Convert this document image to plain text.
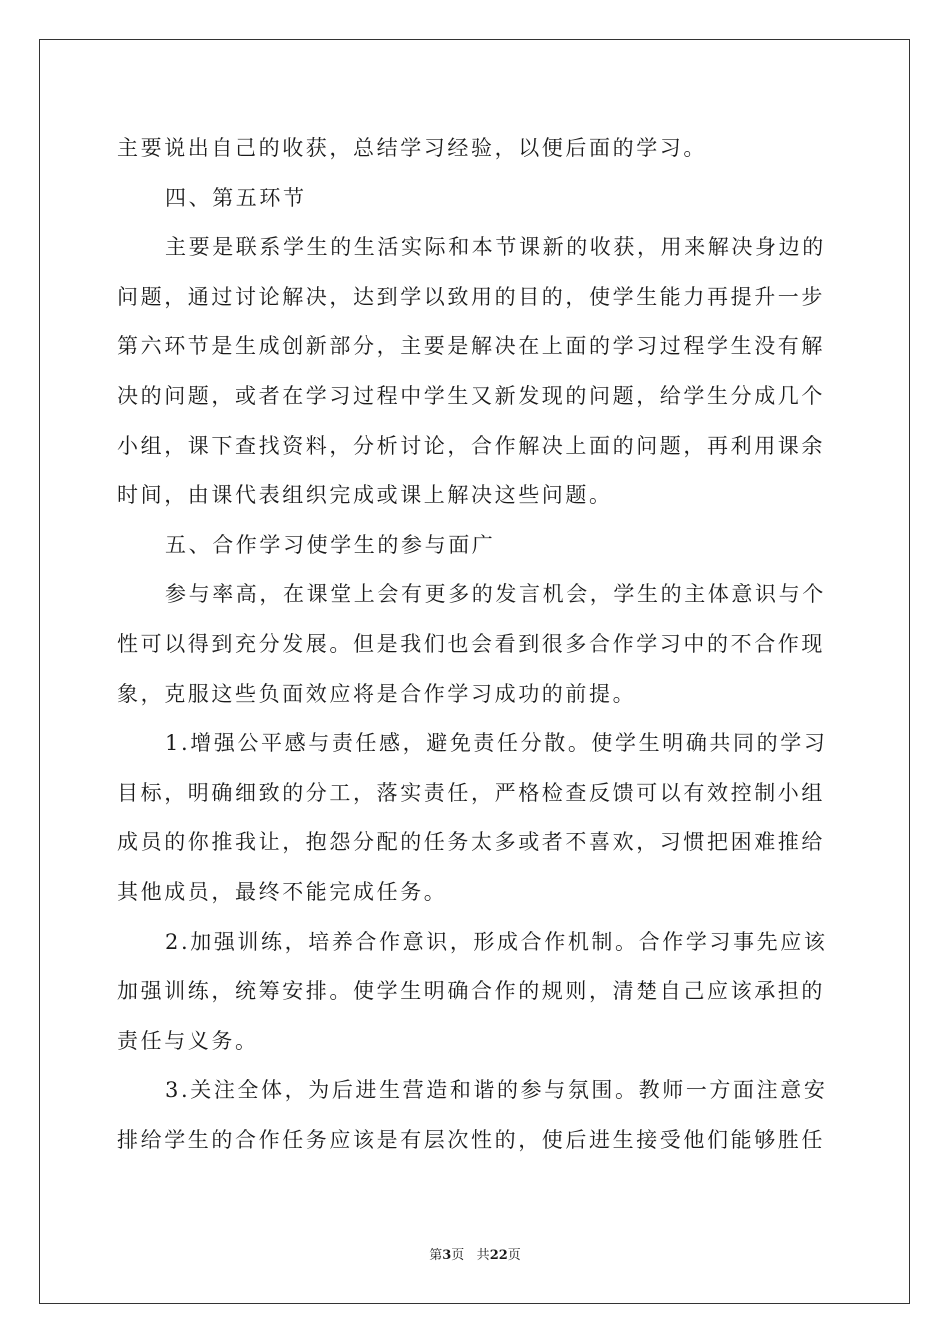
主要说出自己的收获，总结学习经验，以便后面的学习。
四、第五环节
主要是联系学生的生活实际和本节课新的收获，用来解决身边的
问题，通过讨论解决，达到学以致用的目的，使学生能力再提升一步
第六环节是生成创新部分，主要是解决在上面的学习过程学生没有解
决的问题，或者在学习过程中学生又新发现的问题，给学生分成几个
小组，课下查找资料，分析讨论，合作解决上面的问题，再利用课余
时间，由课代表组织完成或课上解决这些问题。
五、合作学习使学生的参与面广
参与率高，在课堂上会有更多的发言机会，学生的主体意识与个
性可以得到充分发展。但是我们也会看到很多合作学习中的不合作现
象，克服这些负面效应将是合作学习成功的前提。
1.增强公平感与责任感，避免责任分散。使学生明确共同的学习
目标，明确细致的分工，落实责任，严格检查反馈可以有效控制小组
成员的你推我让，抱怨分配的任务太多或者不喜欢，习惯把困难推给
其他成员，最终不能完成任务。
2.加强训练，培养合作意识，形成合作机制。合作学习事先应该
加强训练，统筹安排。使学生明确合作的规则，清楚自己应该承担的
责任与义务。
3.关注全体，为后进生营造和谐的参与氛围。教师一方面注意安
排给学生的合作任务应该是有层次性的，使后进生接受他们能够胜任
第3页 共22页
